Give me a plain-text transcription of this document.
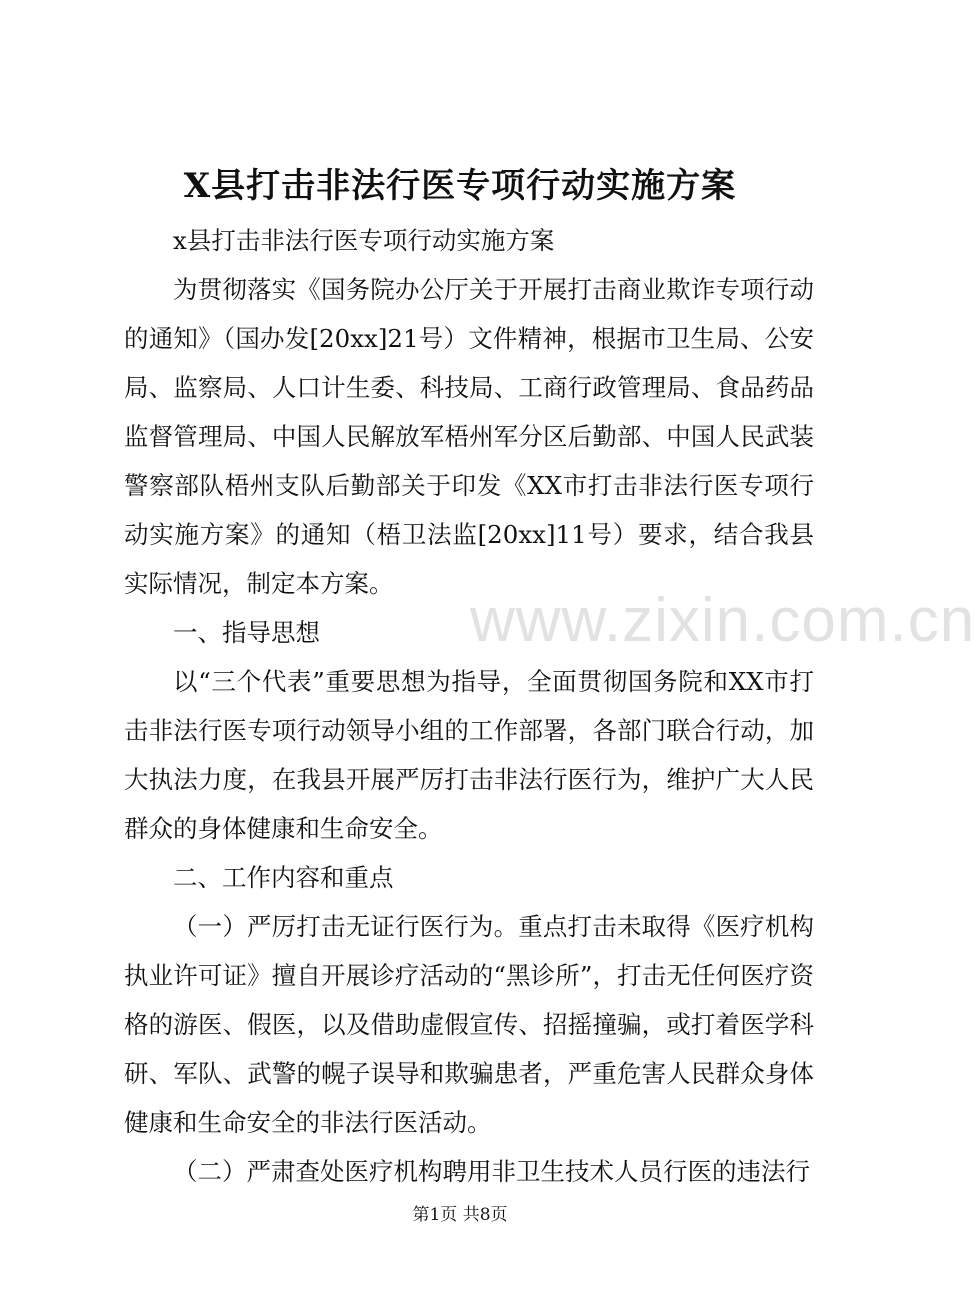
www.zixin.com.cn
X县打击非法行医专项行动实施方案

x县打击非法行医专项行动实施方案

为贯彻落实《国务院办公厅关于开展打击商业欺诈专项行动的通知》（国办发[20xx]21号）文件精神，根据市卫生局、公安局、监察局、人口计生委、科技局、工商行政管理局、食品药品监督管理局、中国人民解放军梧州军分区后勤部、中国人民武装警察部队梧州支队后勤部关于印发《XX市打击非法行医专项行动实施方案》的通知（梧卫法监[20xx]11号）要求，结合我县实际情况，制定本方案。

一、指导思想

以“三个代表”重要思想为指导，全面贯彻国务院和XX市打击非法行医专项行动领导小组的工作部署，各部门联合行动，加大执法力度，在我县开展严厉打击非法行医行为，维护广大人民群众的身体健康和生命安全。

二、工作内容和重点

（一）严厉打击无证行医行为。重点打击未取得《医疗机构执业许可证》擅自开展诊疗活动的“黑诊所”，打击无任何医疗资格的游医、假医，以及借助虚假宣传、招摇撞骗，或打着医学科研、军队、武警的幌子误导和欺骗患者，严重危害人民群众身体健康和生命安全的非法行医活动。

（二）严肃查处医疗机构聘用非卫生技术人员行医的违法行

第1页 共8页
